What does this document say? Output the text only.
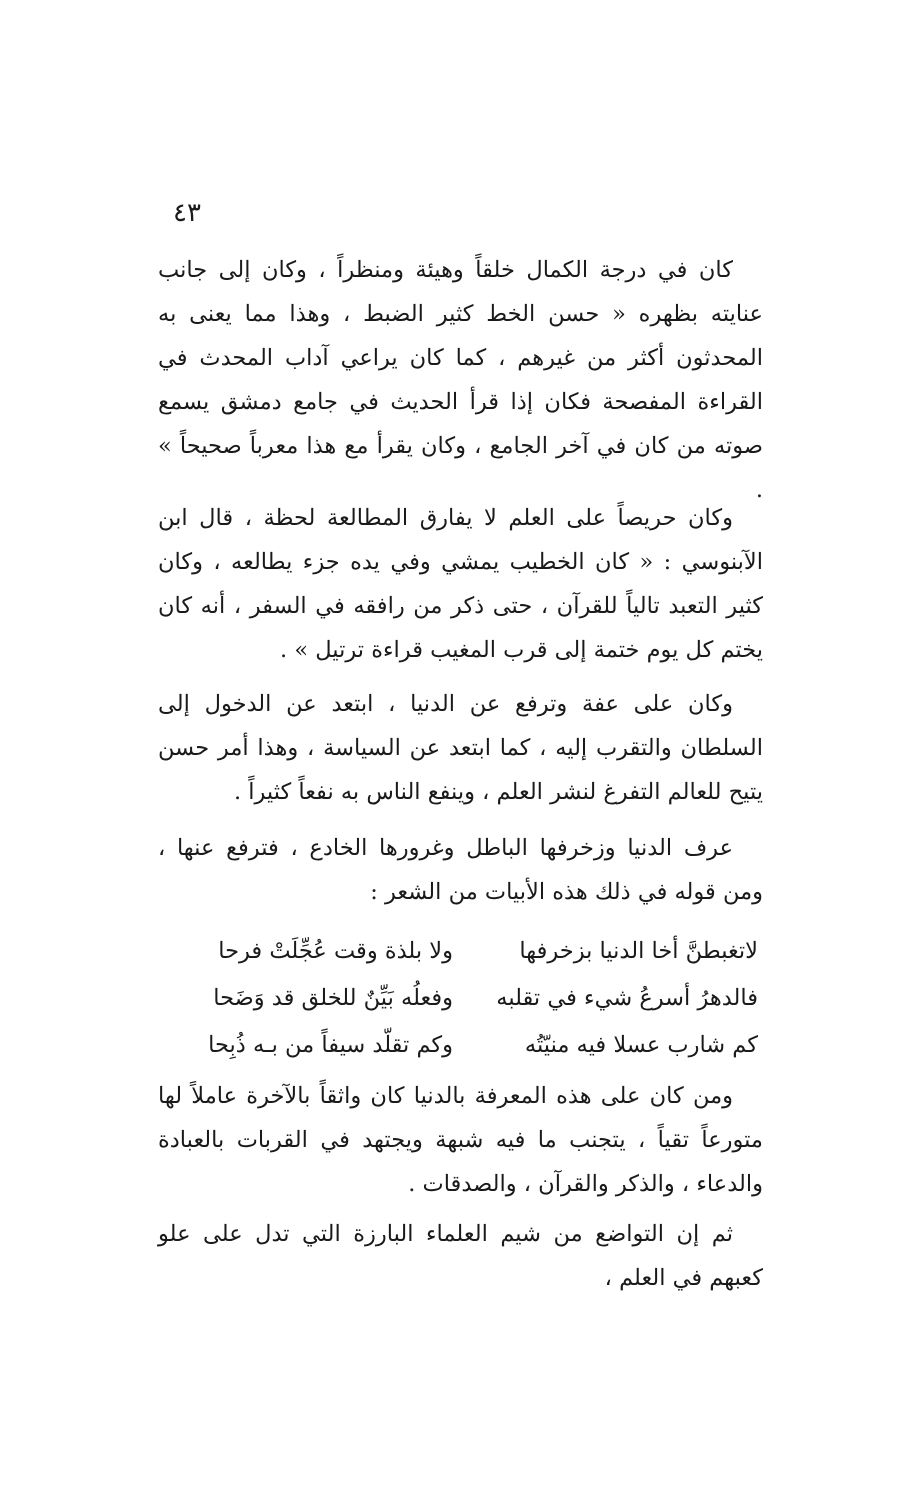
٤٣

كان في درجة الكمال خلقاً وهيئة ومنظراً ، وكان إلى جانب عنايته بظهره « حسن الخط كثير الضبط ، وهذا مما يعنى به المحدثون أكثر من غيرهم ، كما كان يراعي آداب المحدث في القراءة المفصحة فكان إذا قرأ الحديث في جامع دمشق يسمع صوته من كان في آخر الجامع ، وكان يقرأ مع هذا معرباً صحيحاً » .

وكان حريصاً على العلم لا يفارق المطالعة لحظة ، قال ابن الآبنوسي : « كان الخطيب يمشي وفي يده جزء يطالعه ، وكان كثير التعبد تالياً للقرآن ، حتى ذكر من رافقه في السفر ، أنه كان يختم كل يوم ختمة إلى قرب المغيب قراءة ترتيل » .

وكان على عفة وترفع عن الدنيا ، ابتعد عن الدخول إلى السلطان والتقرب إليه ، كما ابتعد عن السياسة ، وهذا أمر حسن يتيح للعالم التفرغ لنشر العلم ، وينفع الناس به نفعاً كثيراً .

عرف الدنيا وزخرفها الباطل وغرورها الخادع ، فترفع عنها ، ومن قوله في ذلك هذه الأبيات من الشعر :

لاتغبطنَّ أخا الدنيا بزخرفها
ولا بلذة وقت عُجِّلَتْ فرحا
فالدهرُ أسرعُ شيء في تقلبه
وفعلُه بَيِّنٌ للخلق قد وَضَحا
كم شارب عسلا فيه منيّتُه
وكم تقلّد سيفاً من بـه ذُبِحا

ومن كان على هذه المعرفة بالدنيا كان واثقاً بالآخرة عاملاً لها متورعاً تقياً ، يتجنب ما فيه شبهة ويجتهد في القربات بالعبادة والدعاء ، والذكر والقرآن ، والصدقات .

ثم إن التواضع من شيم العلماء البارزة التي تدل على علو كعبهم في العلم ،
